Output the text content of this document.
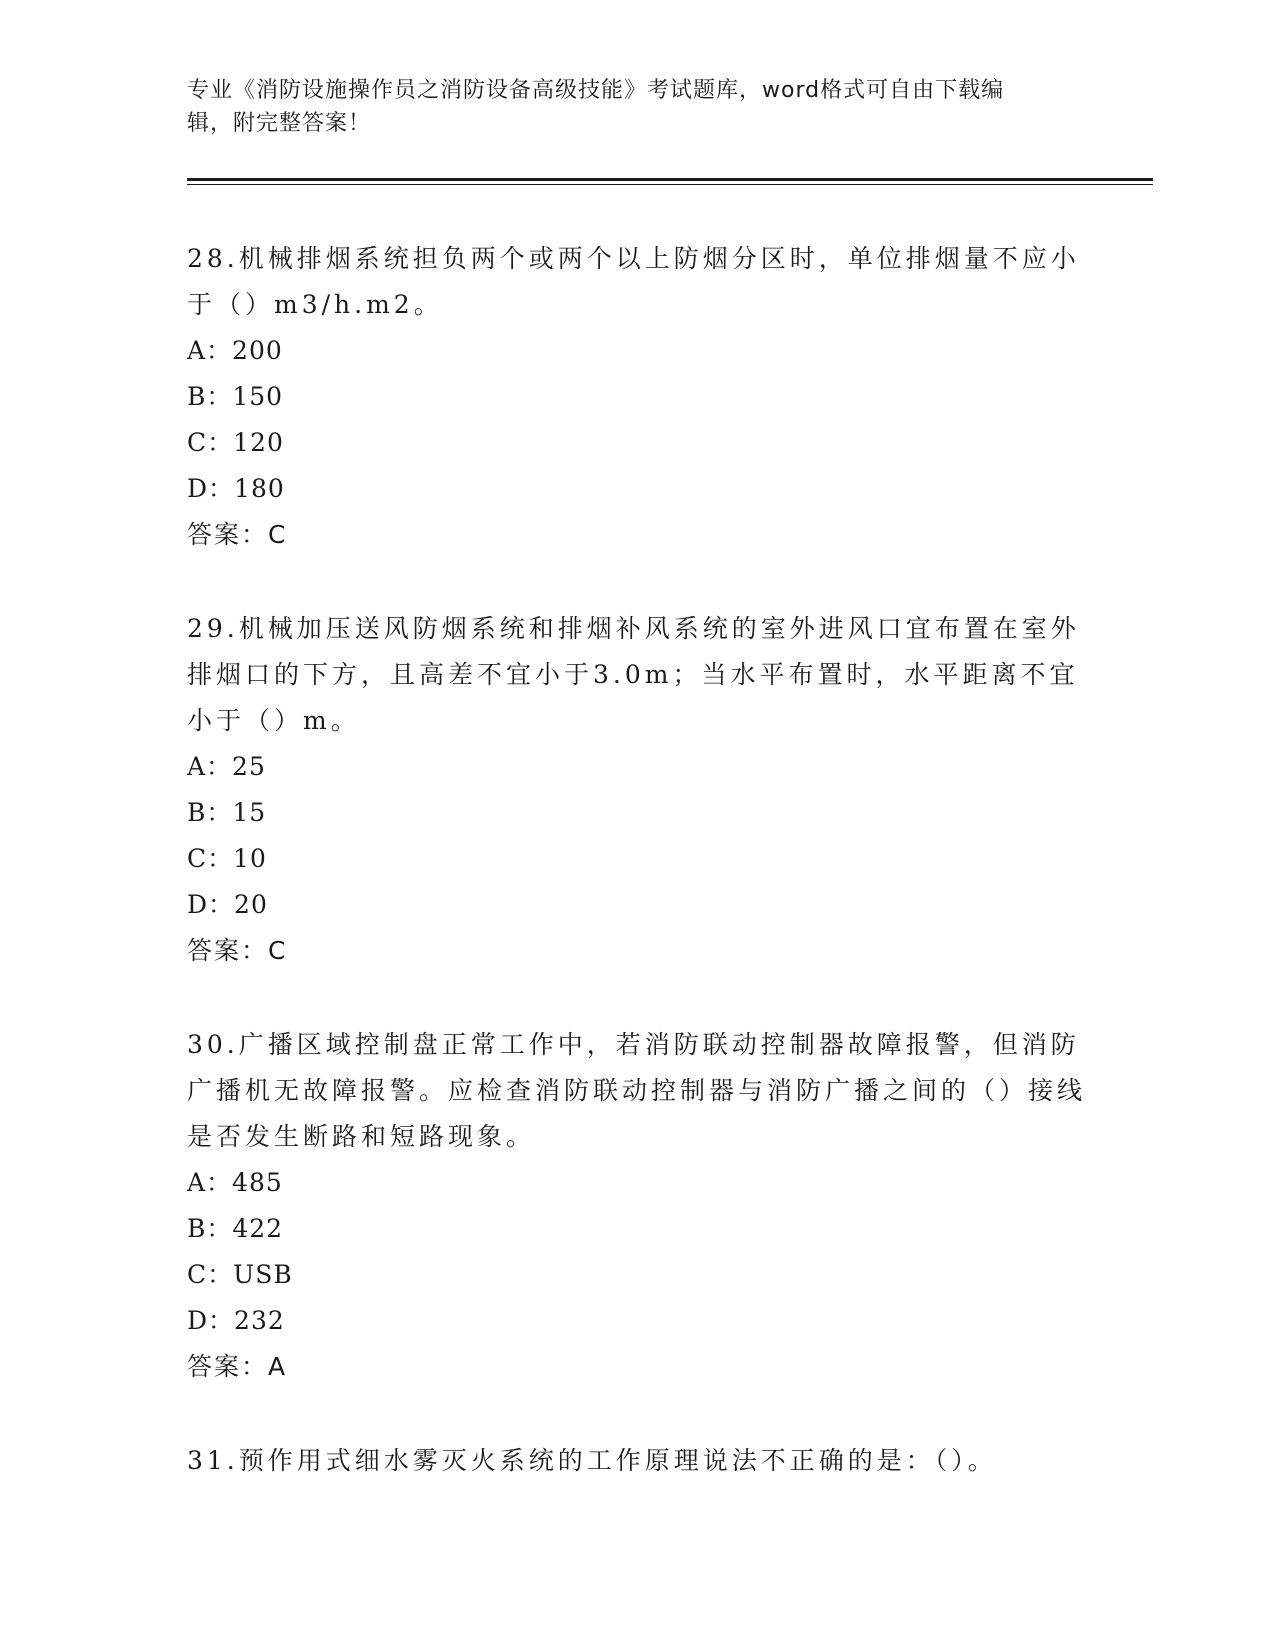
专业《消防设施操作员之消防设备高级技能》考试题库，word格式可自由下载编
辑，附完整答案！

28.机械排烟系统担负两个或两个以上防烟分区时，单位排烟量不应小于（）m3/h.m2。

A：200

B：150

C：120

D：180

答案：C

29.机械加压送风防烟系统和排烟补风系统的室外进风口宜布置在室外排烟口的下方，且高差不宜小于3.0m；当水平布置时，水平距离不宜小于（）m。

A：25

B：15

C：10

D：20

答案：C

30.广播区域控制盘正常工作中，若消防联动控制器故障报警，但消防广播机无故障报警。应检查消防联动控制器与消防广播之间的（）接线是否发生断路和短路现象。

A：485

B：422

C：USB

D：232

答案：A

31.预作用式细水雾灭火系统的工作原理说法不正确的是：（）。
